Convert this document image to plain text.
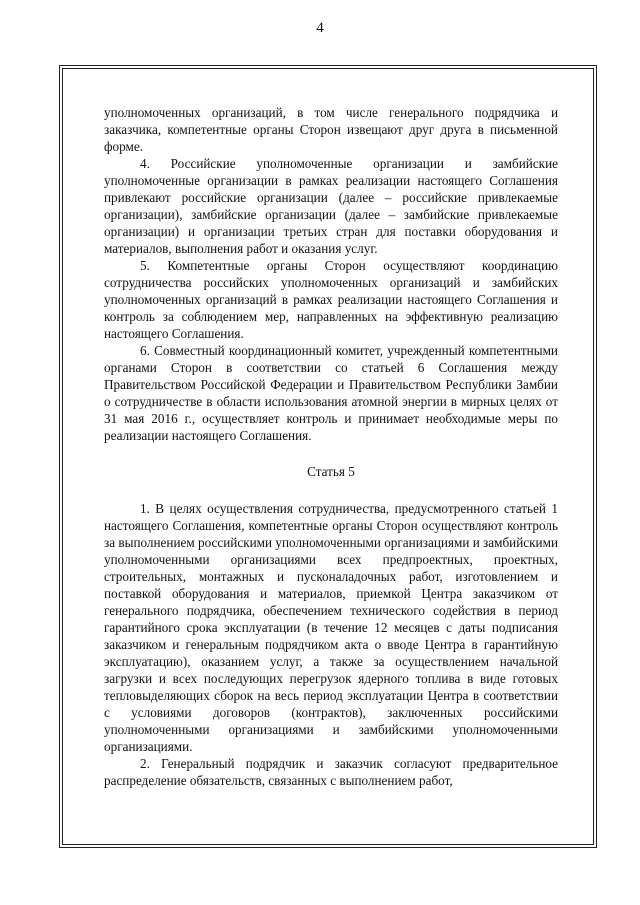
4

уполномоченных организаций, в том числе генерального подрядчика и заказчика, компетентные органы Сторон извещают друг друга в письменной форме.

4. Российские уполномоченные организации и замбийские уполномоченные организации в рамках реализации настоящего Соглашения привлекают российские организации (далее – российские привлекаемые организации), замбийские организации (далее – замбийские привлекаемые организации) и организации третьих стран для поставки оборудования и материалов, выполнения работ и оказания услуг.

5. Компетентные органы Сторон осуществляют координацию сотрудничества российских уполномоченных организаций и замбийских уполномоченных организаций в рамках реализации настоящего Соглашения и контроль за соблюдением мер, направленных на эффективную реализацию настоящего Соглашения.

6. Совместный координационный комитет, учрежденный компетентными органами Сторон в соответствии со статьей 6 Соглашения между Правительством Российской Федерации и Правительством Республики Замбии о сотрудничестве в области использования атомной энергии в мирных целях от 31 мая 2016 г., осуществляет контроль и принимает необходимые меры по реализации настоящего Соглашения.

Статья 5

1. В целях осуществления сотрудничества, предусмотренного статьей 1 настоящего Соглашения, компетентные органы Сторон осуществляют контроль за выполнением российскими уполномоченными организациями и замбийскими уполномоченными организациями всех предпроектных, проектных, строительных, монтажных и пусконаладочных работ, изготовлением и поставкой оборудования и материалов, приемкой Центра заказчиком от генерального подрядчика, обеспечением технического содействия в период гарантийного срока эксплуатации (в течение 12 месяцев с даты подписания заказчиком и генеральным подрядчиком акта о вводе Центра в гарантийную эксплуатацию), оказанием услуг, а также за осуществлением начальной загрузки и всех последующих перегрузок ядерного топлива в виде готовых тепловыделяющих сборок на весь период эксплуатации Центра в соответствии с условиями договоров (контрактов), заключенных российскими уполномоченными организациями и замбийскими уполномоченными организациями.

2. Генеральный подрядчик и заказчик согласуют предварительное распределение обязательств, связанных с выполнением работ,
